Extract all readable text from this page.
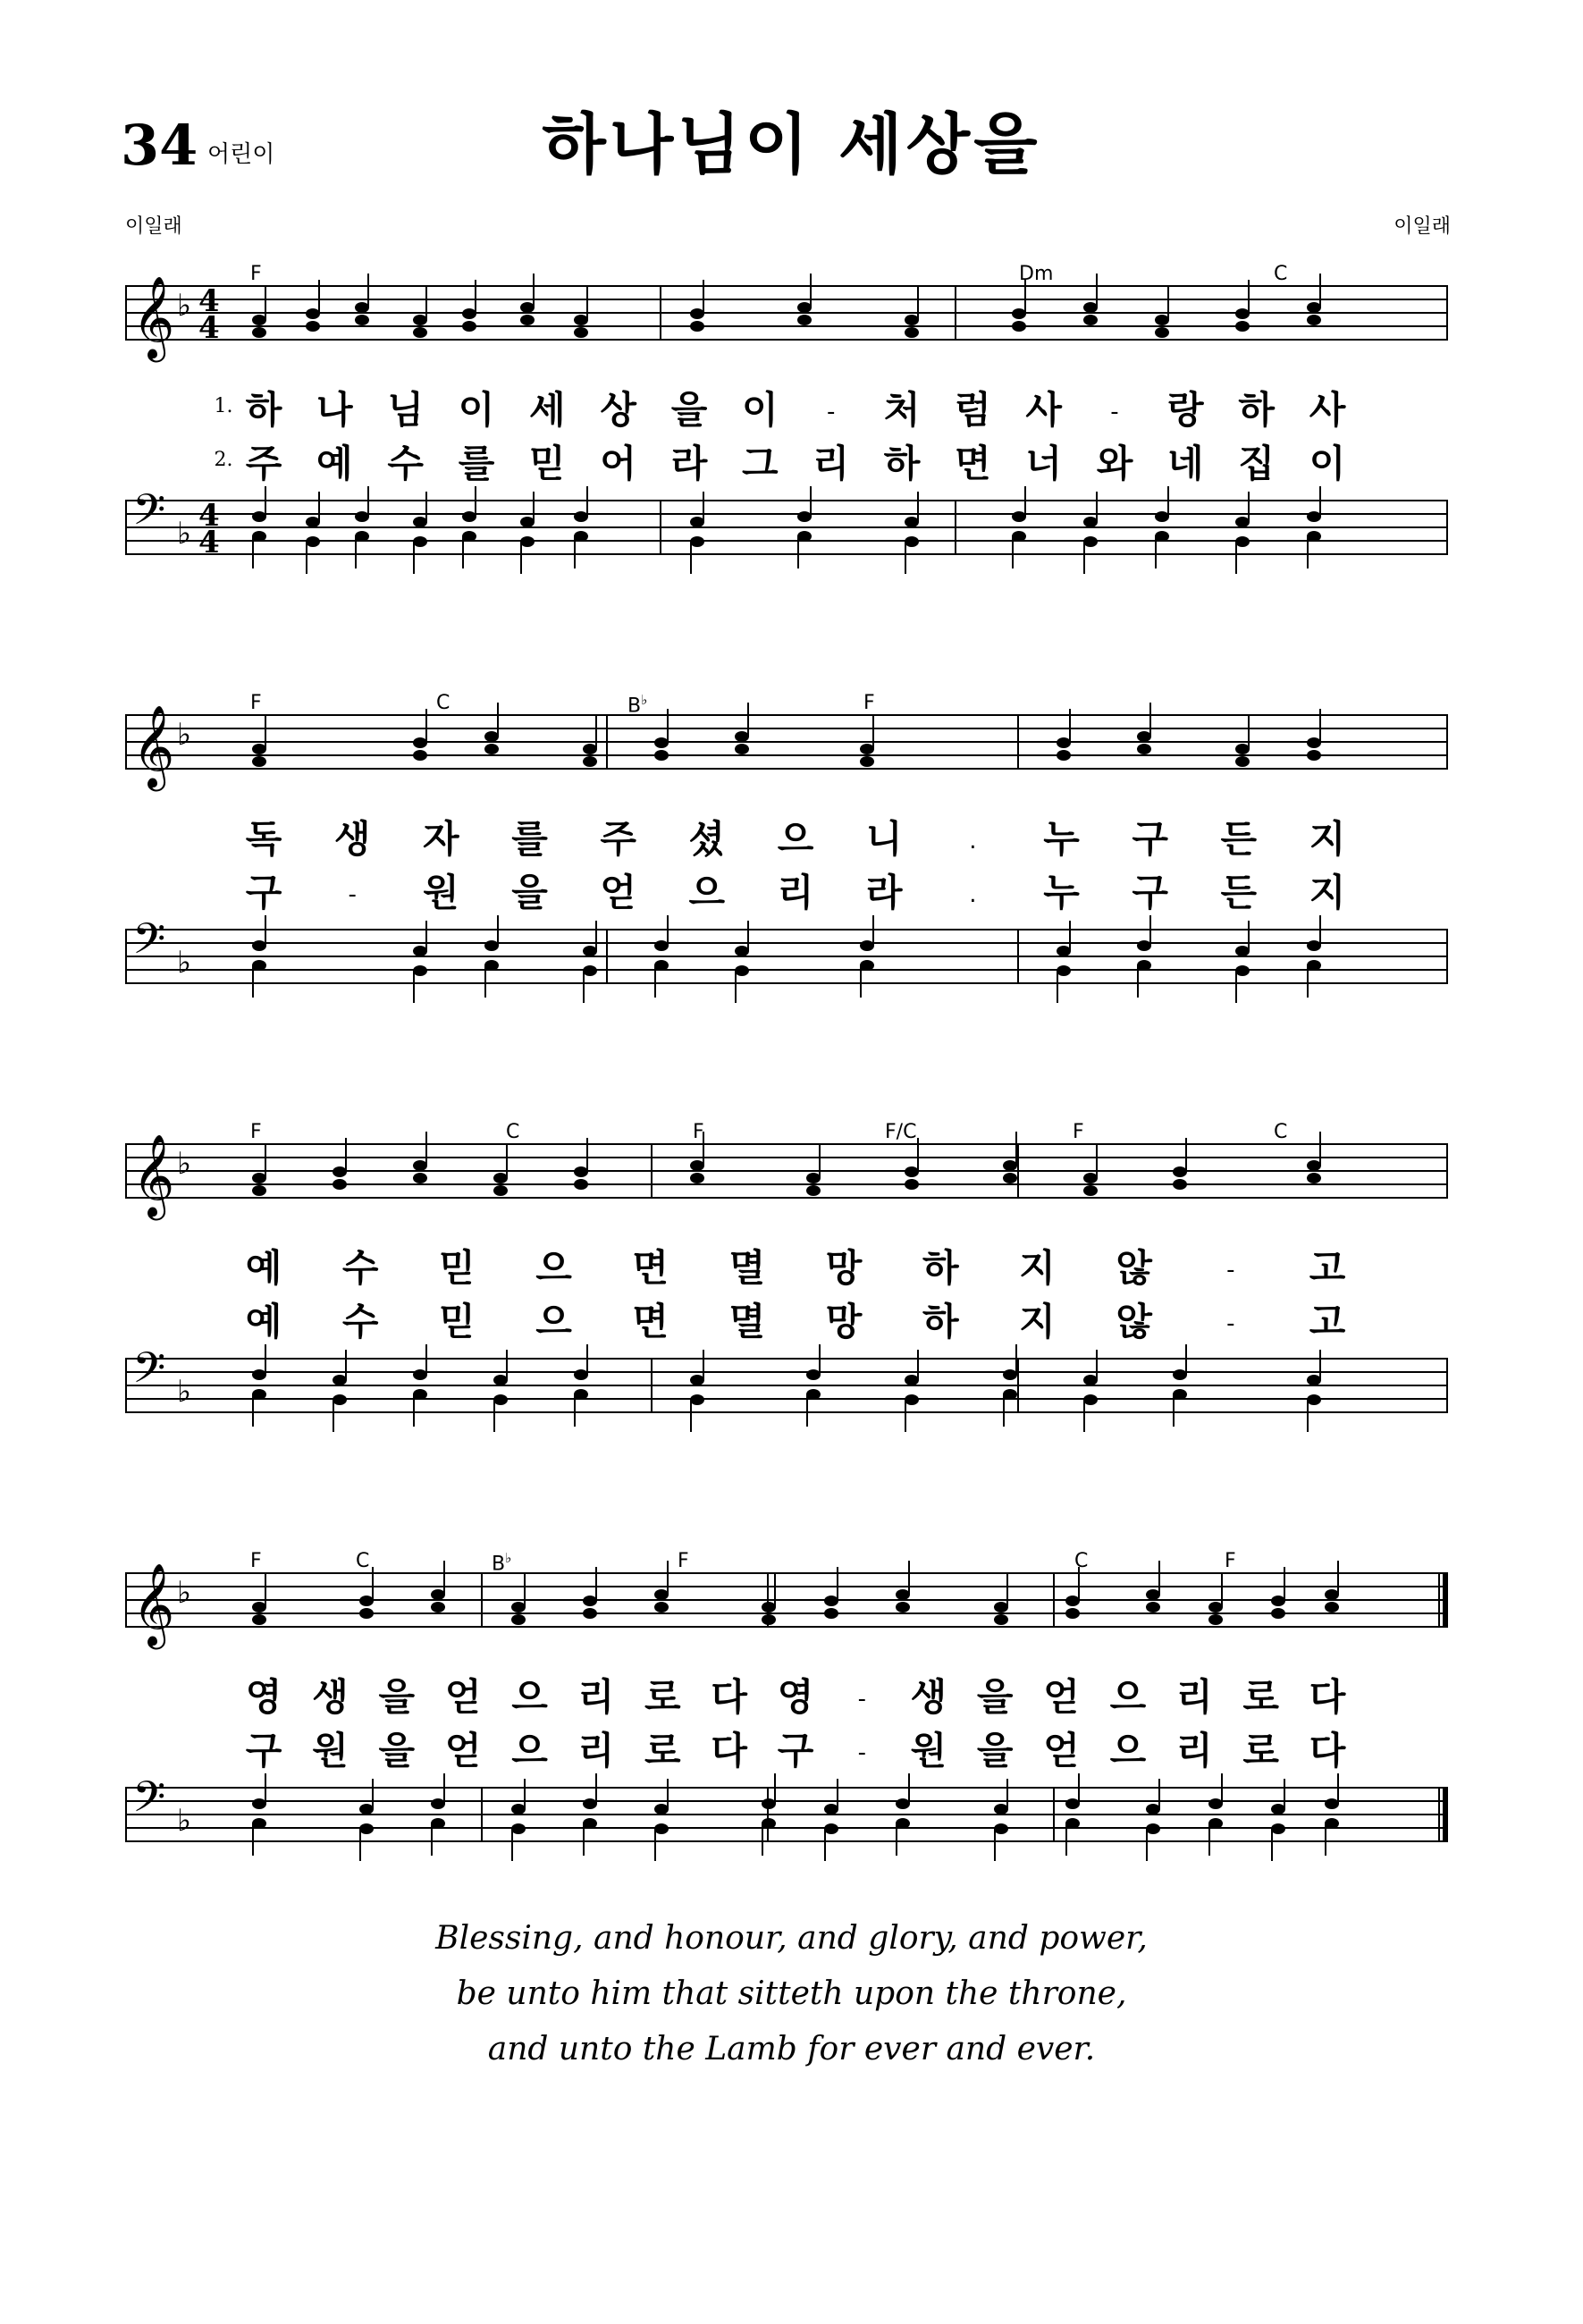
34 어린이	하나님이 세상을
이일래	이일래
𝄞 ♭ 4
4
𝄢 ♭ 4
4
F	Dm	C
1.
2.
하 나 님 이 세 상 을 이 - 처 럼 사 - 랑 하 사
주 예 수 를 믿 어 라 그 리 하 면 너 와 네 집 이
𝄞 ♭
𝄢 ♭
F	C	B♭	F
독 생 자 를 주 셨 으 니	. 누 구 든 지
구	- 원 을 얻 으 리 라	. 누 구 든 지
𝄞 ♭
𝄢 ♭
F	C	F	F/C	F	C
예 수 믿 으 면 멸 망 하 지 않	- 고
예 수 믿 으 면 멸 망 하 지 않	- 고
𝄞 ♭
𝄢 ♭
F	C	B♭	F	C	F
영 생 을 얻 으 리 로 다 영 - 생 을 얻 으 리 로 다
구 원 을 얻 으 리 로 다 구 - 원 을 얻 으 리 로 다
Blessing, and honour, and glory, and power,
be unto him that sitteth upon the throne,
and unto the Lamb for ever and ever.
